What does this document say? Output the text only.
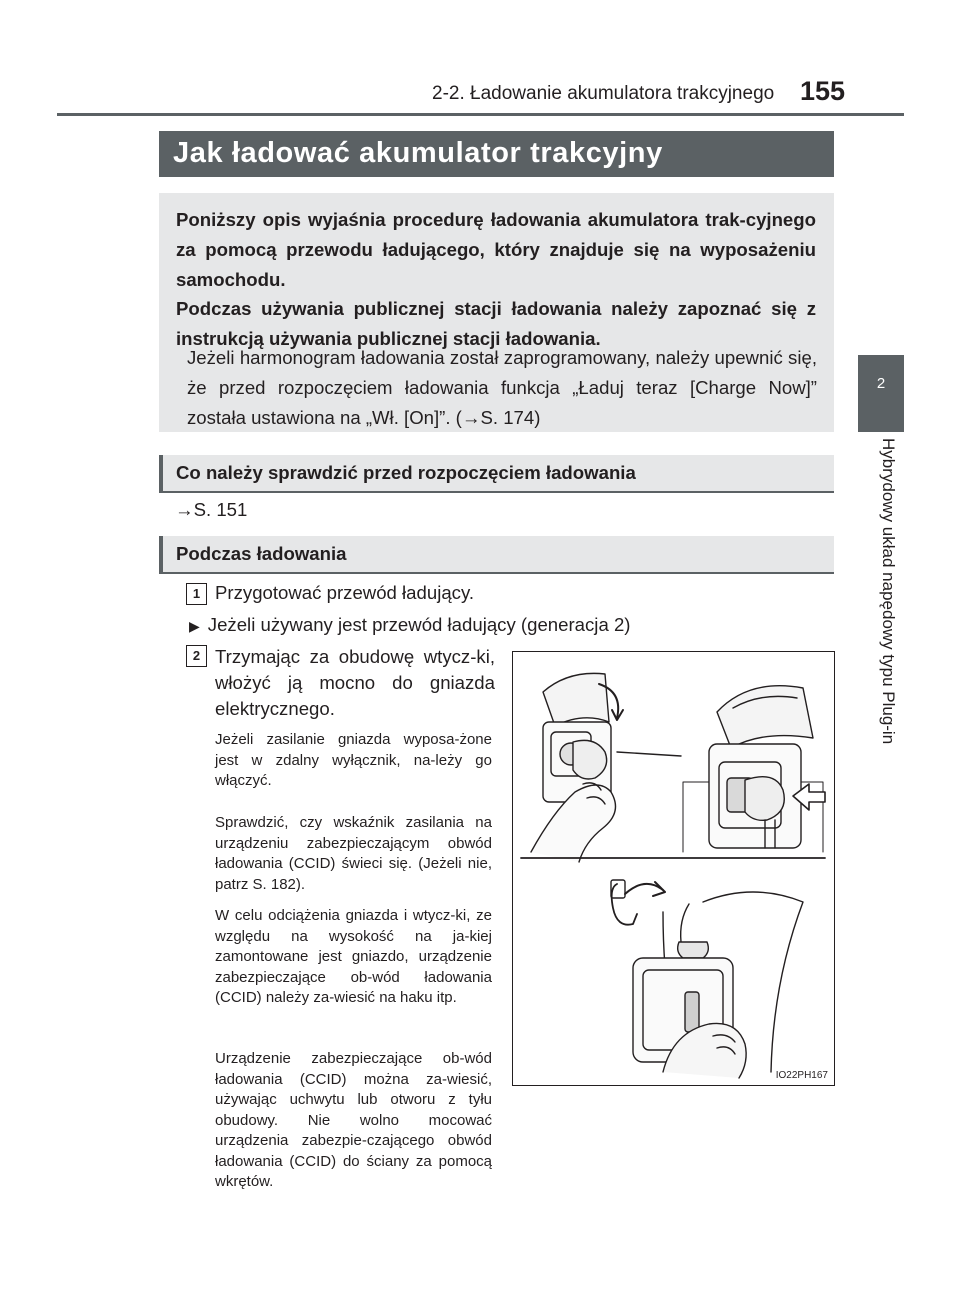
2-2. Ładowanie akumulatora trakcyjnego 155
2
Hybrydowy układ napędowy typu Plug-in
Jak ładować akumulator trakcyjny

Poniższy opis wyjaśnia procedurę ładowania akumulatora trak-cyjnego za pomocą przewodu ładującego, który znajduje się na wyposażeniu samochodu.

Podczas używania publicznej stacji ładowania należy zapoznać się z instrukcją używania publicznej stacji ładowania.

Jeżeli harmonogram ładowania został zaprogramowany, należy upewnić się, że przed rozpoczęciem ładowania funkcja „Ładuj teraz [Charge Now]” została ustawiona na „Wł. [On]”. (→S. 174)

Co należy sprawdzić przed rozpoczęciem ładowania
→S. 151
Podczas ładowania
1 Przygotować przewód ładujący.

▶ Jeżeli używany jest przewód ładujący (generacja 2)
2 Trzymając za obudowę wtycz-ki, włożyć ją mocno do gniazda elektrycznego.

Jeżeli zasilanie gniazda wyposa-żone jest w zdalny wyłącznik, na-leży go włączyć.

Sprawdzić, czy wskaźnik zasilania na urządzeniu zabezpieczającym obwód ładowania (CCID) świeci się. (Jeżeli nie, patrz S. 182).

W celu odciążenia gniazda i wtycz-ki, ze względu na wysokość na ja-kiej zamontowane jest gniazdo, urządzenie zabezpieczające ob-wód ładowania (CCID) należy za-wiesić na haku itp.

Urządzenie zabezpieczające ob-wód ładowania (CCID) można za-wiesić, używając uchwytu lub otworu z tyłu obudowy. Nie wolno mocować urządzenia zabezpie-czającego obwód ładowania (CCID) do ściany za pomocą wkrętów.

IO22PH167
